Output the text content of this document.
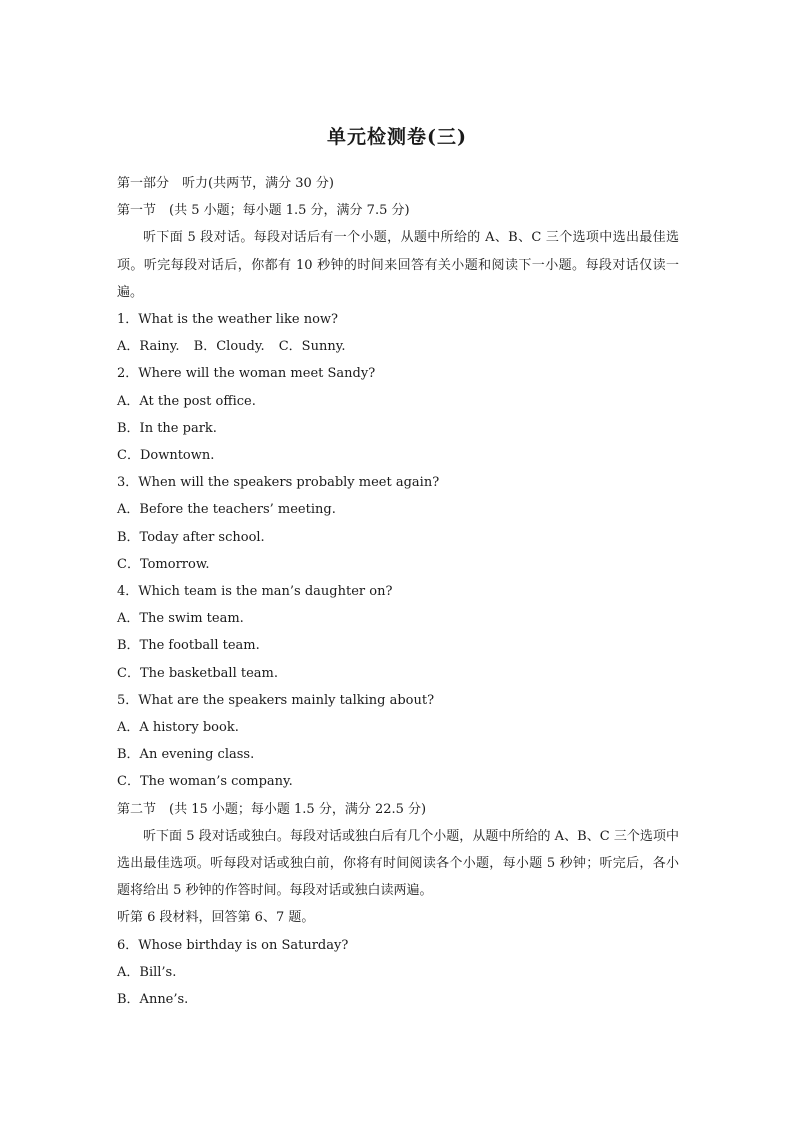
单元检测卷(三)
第一部分　听力(共两节，满分 30 分)
第一节　(共 5 小题；每小题 1.5 分，满分 7.5 分)
听下面 5 段对话。每段对话后有一个小题，从题中所给的 A、B、C 三个选项中选出最佳选项。听完每段对话后，你都有 10 秒钟的时间来回答有关小题和阅读下一小题。每段对话仅读一遍。
1．What is the weather like now?
A．Rainy. B．Cloudy. C．Sunny.
2．Where will the woman meet Sandy?
A．At the post office.
B．In the park.
C．Downtown.
3．When will the speakers probably meet again?
A．Before the teachers’ meeting.
B．Today after school.
C．Tomorrow.
4．Which team is the man’s daughter on?
A．The swim team.
B．The football team.
C．The basketball team.
5．What are the speakers mainly talking about?
A．A history book.
B．An evening class.
C．The woman’s company.
第二节　(共 15 小题；每小题 1.5 分，满分 22.5 分)
听下面 5 段对话或独白。每段对话或独白后有几个小题，从题中所给的 A、B、C 三个选项中选出最佳选项。听每段对话或独白前，你将有时间阅读各个小题，每小题 5 秒钟；听完后，各小题将给出 5 秒钟的作答时间。每段对话或独白读两遍。
听第 6 段材料，回答第 6、7 题。
6．Whose birthday is on Saturday?
A．Bill’s.
B．Anne’s.
